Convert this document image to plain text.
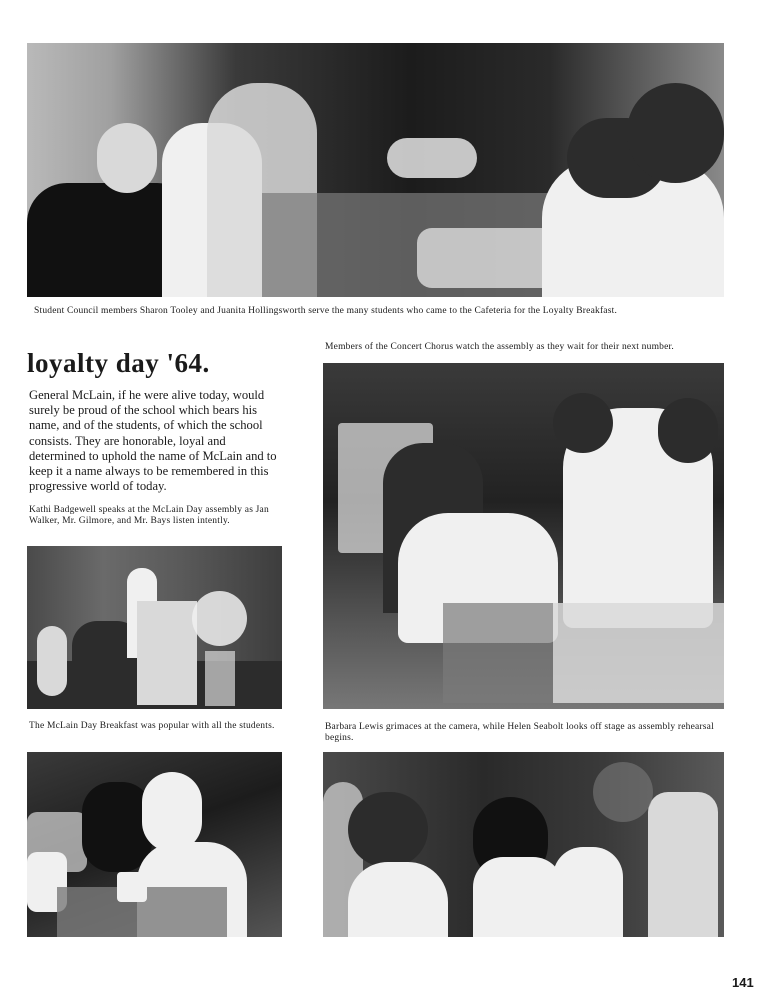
Student Council members Sharon Tooley and Juanita Hollingsworth serve the many students who came to the Cafeteria for the Loyalty Breakfast.
loyalty day '64.
General McLain, if he were alive today, would surely be proud of the school which bears his name, and of the students, of which the school consists. They are honorable, loyal and determined to uphold the name of McLain and to keep it a name always to be remembered in this progressive world of today.
Kathi Badgewell speaks at the McLain Day assembly as Jan Walker, Mr. Gilmore, and Mr. Bays listen intently.
The McLain Day Breakfast was popular with all the students.
Members of the Concert Chorus watch the assembly as they wait for their next number.
Barbara Lewis grimaces at the camera, while Helen Seabolt looks off stage as assembly rehearsal begins.
141
